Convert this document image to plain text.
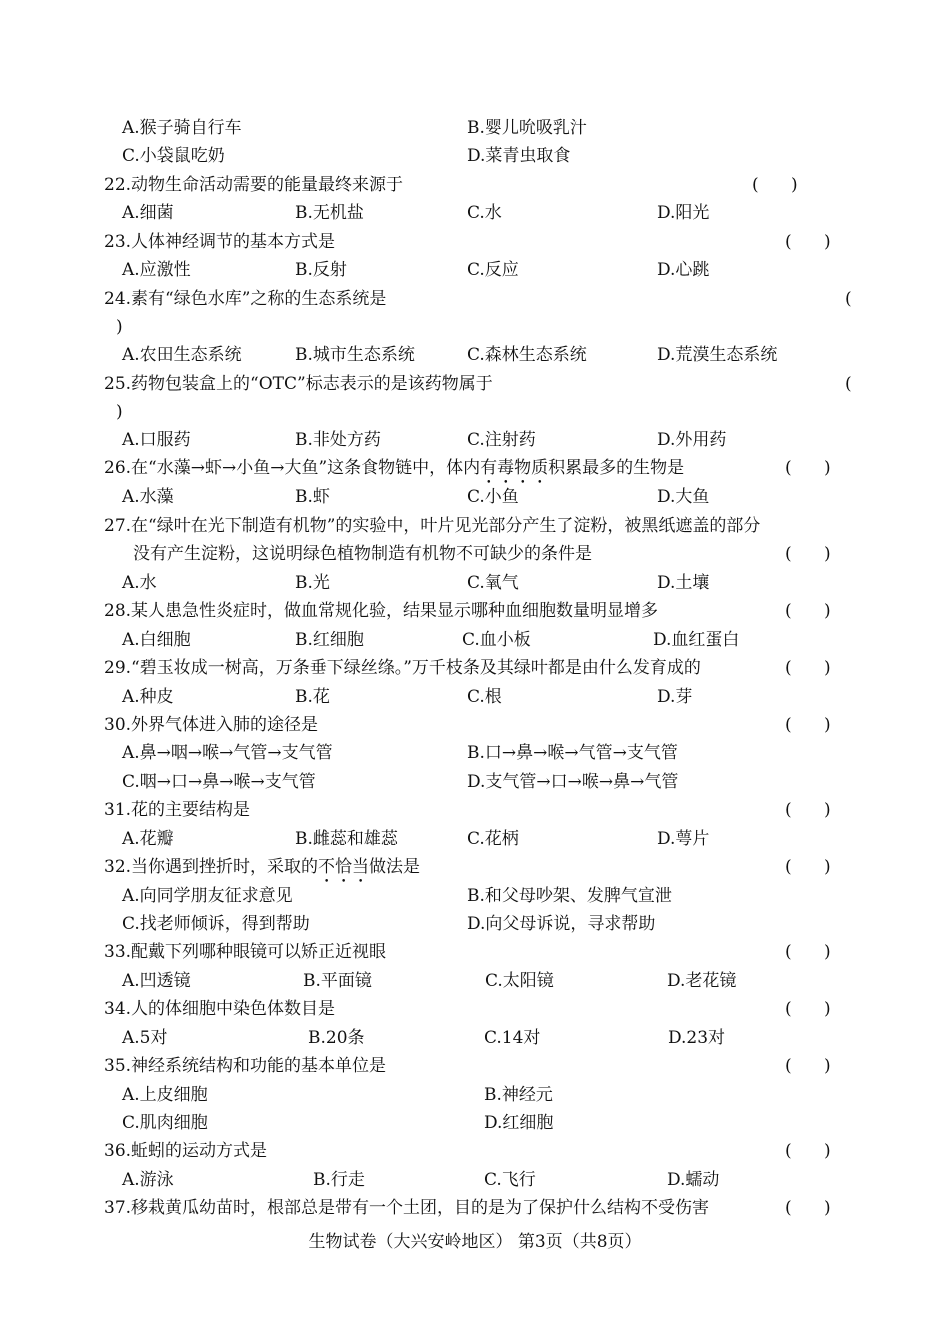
A.猴子骑自行车	B.婴儿吮吸乳汁
C.小袋鼠吃奶	D.菜青虫取食
22.动物生命活动需要的能量最终来源于	(      )
A.细菌	B.无机盐	C.水	D.阳光
23.人体神经调节的基本方式是	(      )
A.应激性	B.反射	C.反应	D.心跳
24.素有“绿色水库”之称的生态系统是	(
)
A.农田生态系统	B.城市生态系统	C.森林生态系统	D.荒漠生态系统
25.药物包装盒上的“OTC”标志表示的是该药物属于	(
)
A.口服药	B.非处方药	C.注射药	D.外用药
26.在“水藻→虾→小鱼→大鱼”这条食物链中，体内有毒物质积累最多的生物是	(      )
A.水藻	B.虾	C.小鱼	D.大鱼
27.在“绿叶在光下制造有机物”的实验中，叶片见光部分产生了淀粉，被黑纸遮盖的部分
没有产生淀粉，这说明绿色植物制造有机物不可缺少的条件是	(      )
A.水	B.光	C.氧气	D.土壤
28.某人患急性炎症时，做血常规化验，结果显示哪种血细胞数量明显增多	(      )
A.白细胞	B.红细胞	C.血小板	D.血红蛋白
29.“碧玉妆成一树高，万条垂下绿丝绦。”万千枝条及其绿叶都是由什么发育成的	(      )
A.种皮	B.花	C.根	D.芽
30.外界气体进入肺的途径是	(      )
A.鼻→咽→喉→气管→支气管	B.口→鼻→喉→气管→支气管
C.咽→口→鼻→喉→支气管	D.支气管→口→喉→鼻→气管
31.花的主要结构是	(      )
A.花瓣	B.雌蕊和雄蕊	C.花柄	D.萼片
32.当你遇到挫折时，采取的不恰当做法是	(      )
A.向同学朋友征求意见	B.和父母吵架、发脾气宣泄
C.找老师倾诉，得到帮助	D.向父母诉说，寻求帮助
33.配戴下列哪种眼镜可以矫正近视眼	(      )
A.凹透镜	B.平面镜	C.太阳镜	D.老花镜
34.人的体细胞中染色体数目是	(      )
A.5对	B.20条	C.14对	D.23对
35.神经系统结构和功能的基本单位是	(      )
A.上皮细胞	B.神经元
C.肌肉细胞	D.红细胞
36.蚯蚓的运动方式是	(      )
A.游泳	B.行走	C.飞行	D.蠕动
37.移栽黄瓜幼苗时，根部总是带有一个土团，目的是为了保护什么结构不受伤害	(      )
生物试卷（大兴安岭地区） 第3页（共8页）
